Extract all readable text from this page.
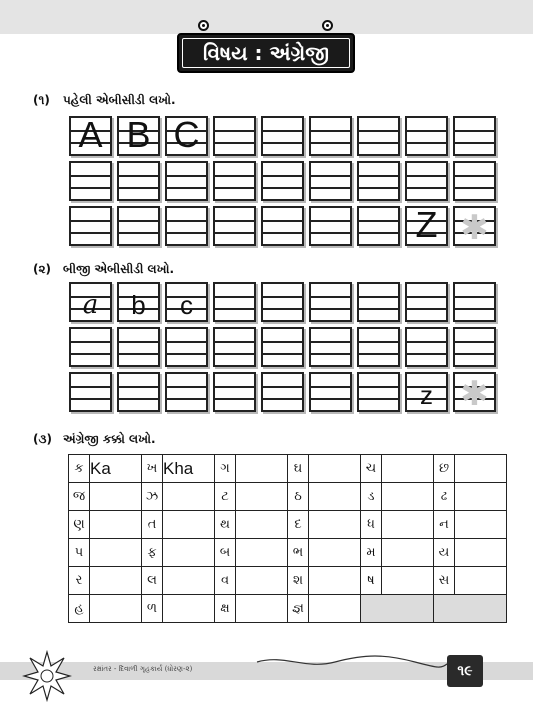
વિષય : અંગ્રેજી
(૧) પહેલી એબીસીડી લખો.
A B C
Z ✱
(૨) બીજી એબીસીડી લખો.
a	b	c
z ✱
(૩) અંગ્રેજી કક્કો લખો.
ક	Ka	ખ	Kha	ગ		ઘ		ચ		છ	
જ		ઝ		ટ		ઠ		ડ		ઢ	
ણ		ત		થ		દ		ધ		ન	
પ		ફ		બ		ભ		મ		ય	
ર		લ		વ		શ		ષ		સ	
હ		ળ		ક્ષ		જ્ઞ					
રક્ષાંતર - દિવાળી ગૃહકાર્ય (ધોરણ-૨)	૧૯
